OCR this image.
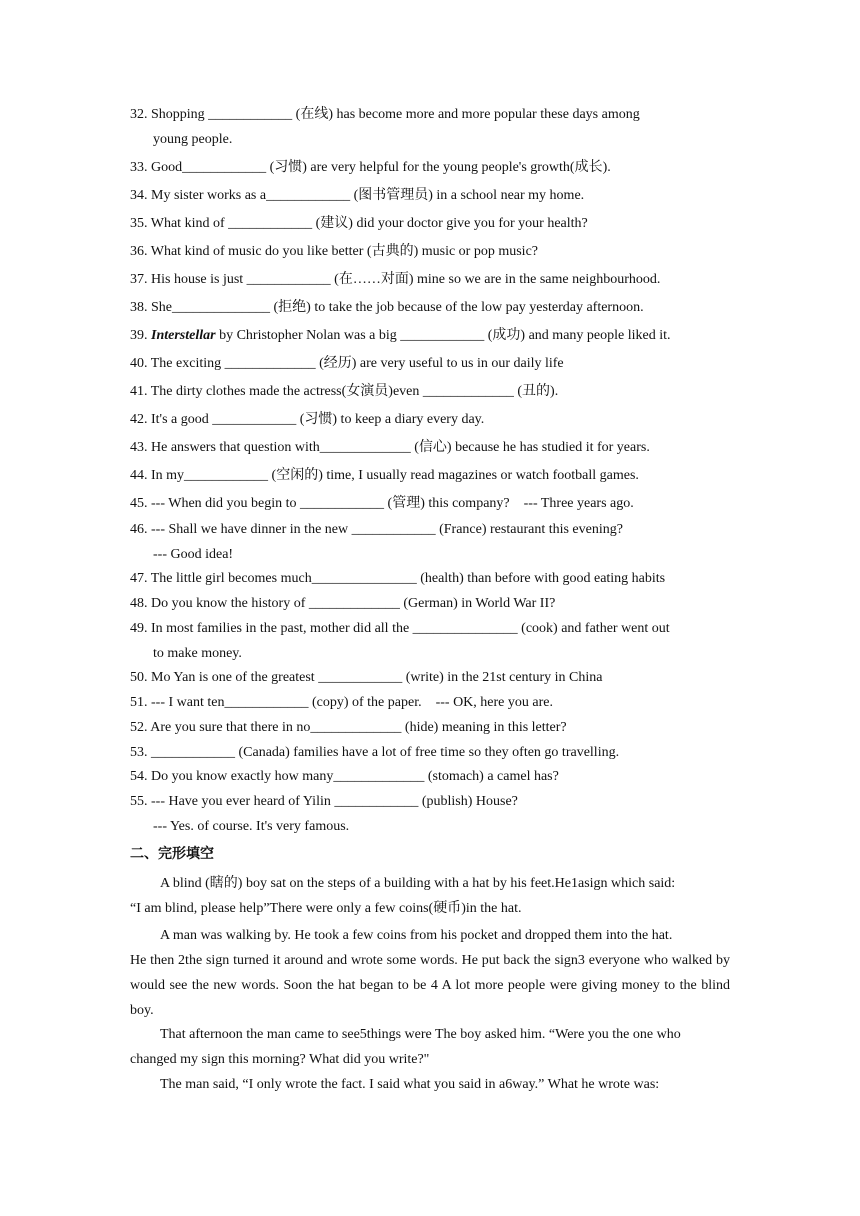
32. Shopping ____________ (在线) has become more and more popular these days among
young people.
33. Good____________ (习惯) are very helpful for the young people's growth(成长).
34. My sister works as a____________ (图书管理员) in a school near my home.
35. What kind of ____________ (建议) did your doctor give you for your health?
36. What kind of music do you like better (古典的) music or pop music?
37. His house is just ____________ (在……对面) mine so we are in the same neighbourhood.
38. She______________ (拒绝) to take the job because of the low pay yesterday afternoon.
39. Interstellar by Christopher Nolan was a big ____________ (成功) and many people liked it.
40. The exciting _____________ (经历) are very useful to us in our daily life
41. The dirty clothes made the actress(女演员)even _____________ (丑的).
42. It's a good ____________ (习惯) to keep a diary every day.
43. He answers that question with_____________ (信心) because he has studied it for years.
44. In my____________ (空闲的) time, I usually read magazines or watch football games.
45. --- When did you begin to ____________ (管理) this company?    --- Three years ago.
46. --- Shall we have dinner in the new ____________ (France) restaurant this evening?
--- Good idea!
47. The little girl becomes much_______________ (health) than before with good eating habits
48. Do you know the history of _____________ (German) in World War II?
49. In most families in the past, mother did all the _______________ (cook) and father went out
to make money.
50. Mo Yan is one of the greatest ____________ (write) in the 21st century in China
51. --- I want ten____________ (copy) of the paper.    --- OK, here you are.
52. Are you sure that there in no_____________ (hide) meaning in this letter?
53. ____________ (Canada) families have a lot of free time so they often go travelling.
54. Do you know exactly how many_____________ (stomach) a camel has?
55. --- Have you ever heard of Yilin ____________ (publish) House?
--- Yes. of course. It's very famous.
二、完形填空
A blind (瞎的) boy sat on the steps of a building with a hat by his feet.He1asign which said:
“I am blind, please help”There were only a few coins(硬币)in the hat.
A man was walking by. He took a few coins from his pocket and dropped them into the hat.
He then 2the sign turned it around and wrote some words. He put back the sign3 everyone who walked by would see the new words. Soon the hat began to be 4 A lot more people were giving money to the blind boy.
That afternoon the man came to see5things were The boy asked him. “Were you the one who
changed my sign this morning? What did you write?"
The man said, “I only wrote the fact. I said what you said in a6way.” What he wrote was:
